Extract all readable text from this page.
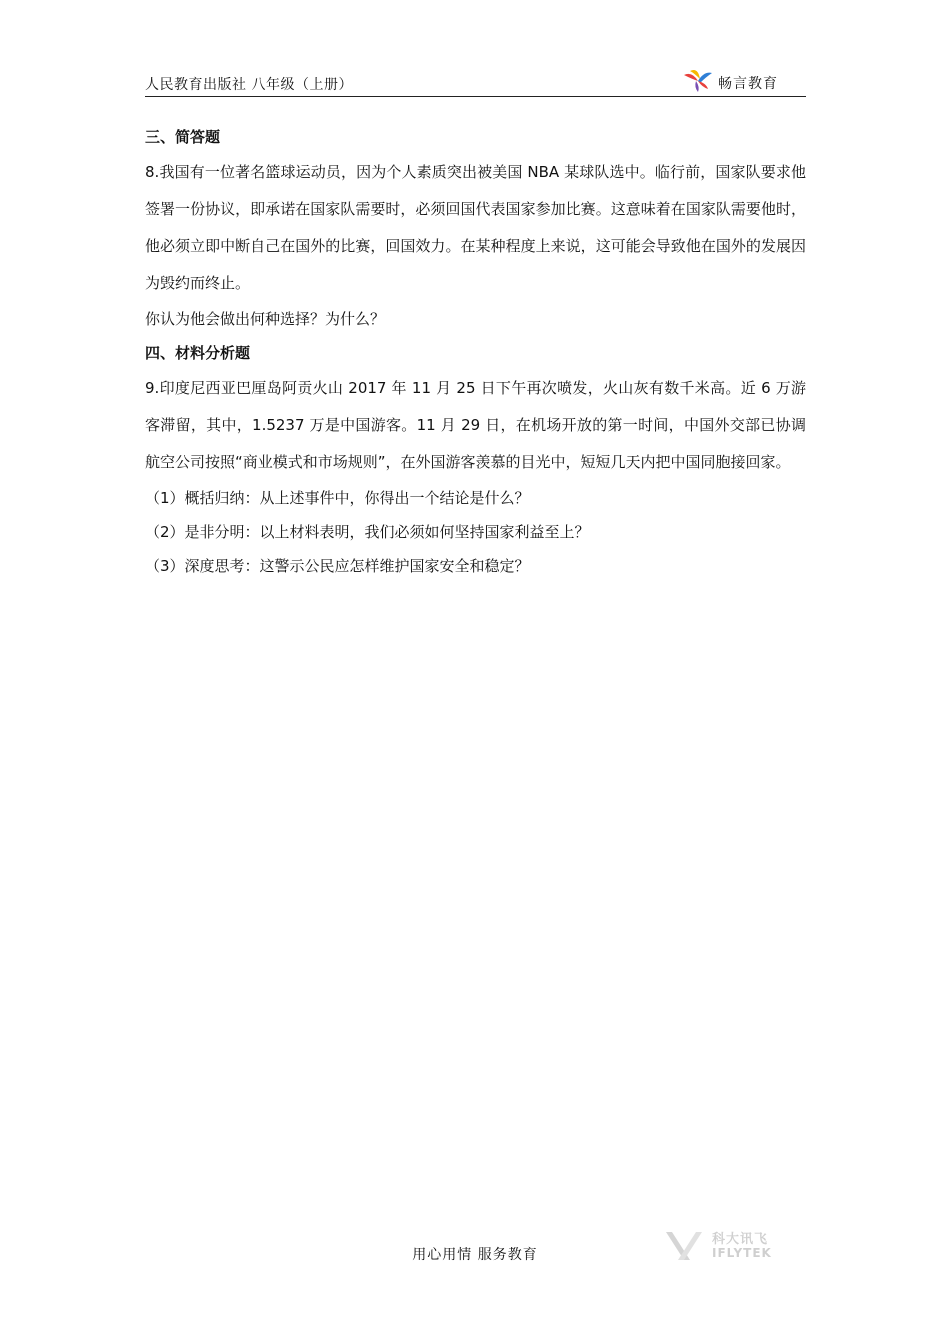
人民教育出版社 八年级（上册）	畅言教育
三、简答题
8.我国有一位著名篮球运动员，因为个人素质突出被美国 NBA 某球队选中。临行前，国家队要求他签署一份协议，即承诺在国家队需要时，必须回国代表国家参加比赛。这意味着在国家队需要他时，他必须立即中断自己在国外的比赛，回国效力。在某种程度上来说，这可能会导致他在国外的发展因为毁约而终止。
你认为他会做出何种选择？为什么？
四、材料分析题
9.印度尼西亚巴厘岛阿贡火山 2017 年 11 月 25 日下午再次喷发，火山灰有数千米高。近 6 万游客滞留，其中，1.5237 万是中国游客。11 月 29 日，在机场开放的第一时间，中国外交部已协调航空公司按照“商业模式和市场规则”，在外国游客羡慕的目光中，短短几天内把中国同胞接回家。
（1）概括归纳：从上述事件中，你得出一个结论是什么？
（2）是非分明：以上材料表明，我们必须如何坚持国家利益至上？
（3）深度思考：这警示公民应怎样维护国家安全和稳定？
用心用情 服务教育
科大讯飞
IFLYTEK
